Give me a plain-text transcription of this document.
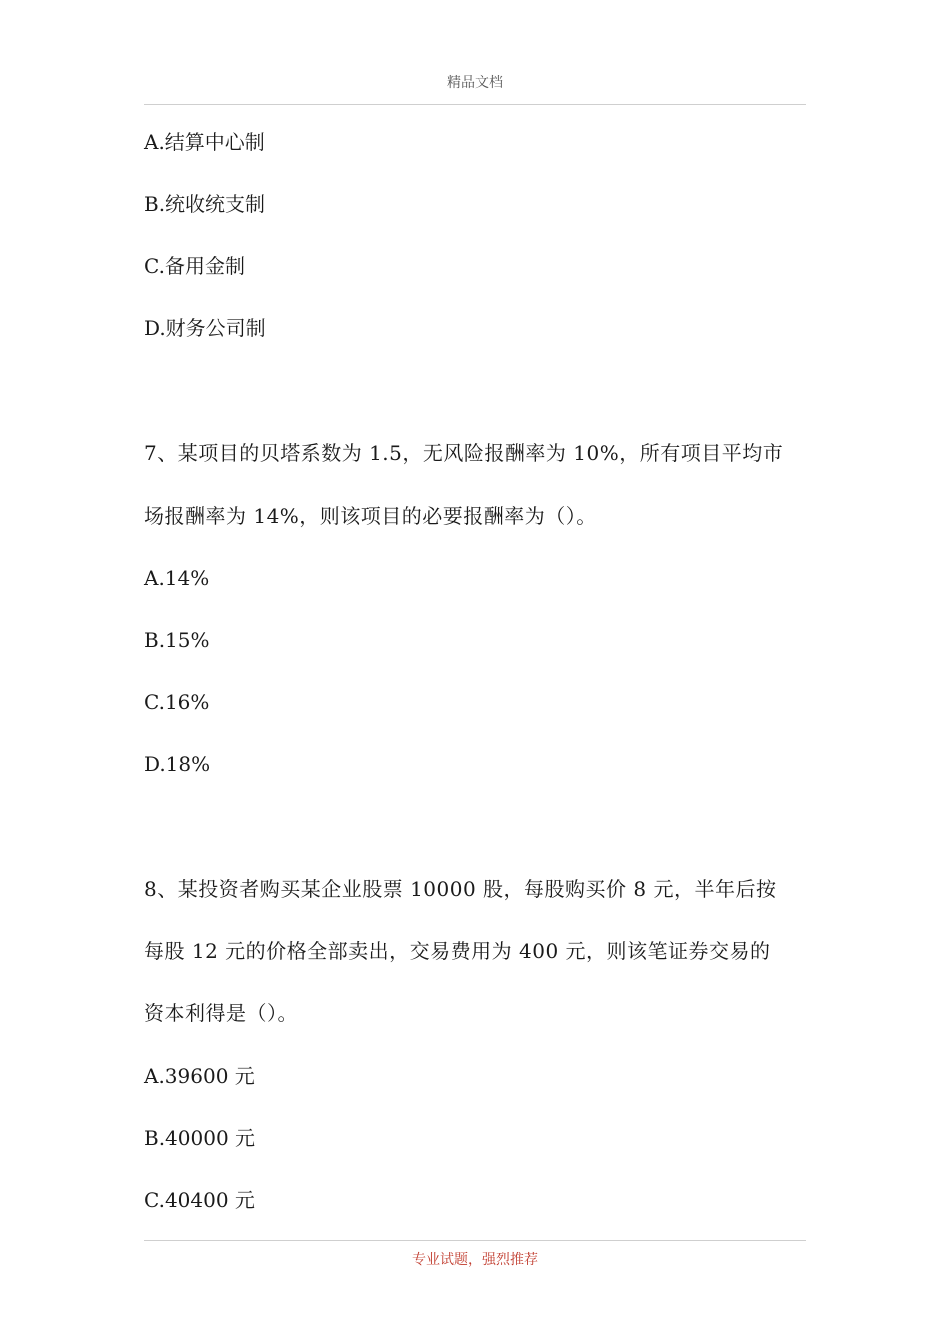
精品文档
A.结算中心制
B.统收统支制
C.备用金制
D.财务公司制
7、某项目的贝塔系数为 1.5，无风险报酬率为 10%，所有项目平均市
场报酬率为 14%，则该项目的必要报酬率为（）。
A.14%
B.15%
C.16%
D.18%
8、某投资者购买某企业股票 10000 股，每股购买价 8 元，半年后按
每股 12 元的价格全部卖出，交易费用为 400 元，则该笔证券交易的
资本利得是（）。
A.39600 元
B.40000 元
C.40400 元
专业试题，强烈推荐
